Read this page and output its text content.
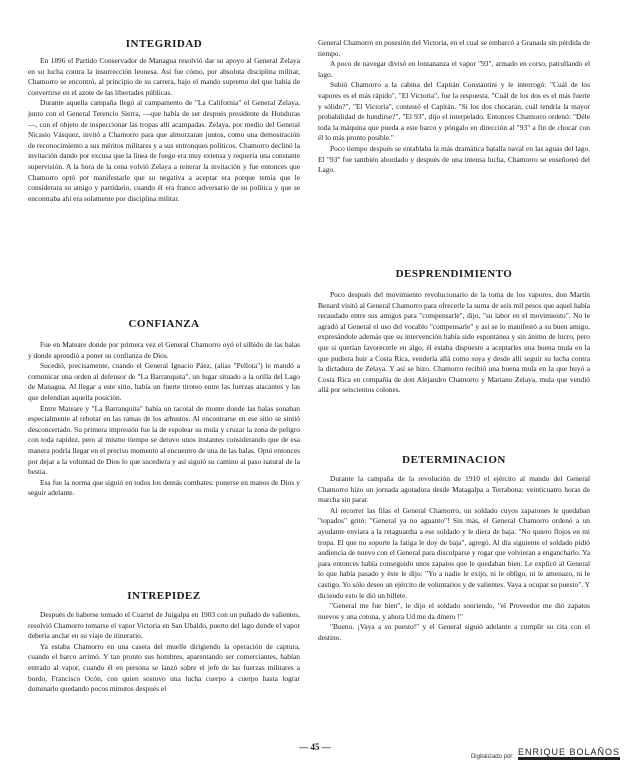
INTEGRIDAD

En 1896 el Partido Conservador de Managua resolvió dar su apoyo al General Zelaya en su lucha contra la insurrección leonesa. Así fue cómo, por absoluta disciplina militar, Chamorro se encontró, al principio de su carrera, bajo el mando supremo del que había de convertirse en el azote de las libertades públicas.

Durante aquella campaña llegó al campamento de "La California" el General Zelaya, junto con el General Terencio Sierra, —que había de ser después presidente de Honduras—, con el objeto de inspeccionar las tropas allí acampadas. Zelaya, por medio del General Nicasio Vásquez, invitó a Chamorro para que almorzaran juntos, como una demostración de reconocimiento a sus méritos militares y a sus entronques políticos. Chamorro declinó la invitación dando por excusa que la línea de fuego era muy extensa y requería una constante supervisión. A la hora de la cena volvió Zelaya a reiterar la invitación y fue entonces que Chamorro optó por manifestarle que su negativa a aceptar era porque temía que le considerara su amigo y partidario, cuando él era franco adversario de su política y que se encontraba ahí era solamente por disciplina militar.

CONFIANZA

Fue en Mateare donde por primera vez el General Chamorro oyó el silbido de las balas y donde aprendió a poner su confianza de Dios.

Sucedió, precisamente, cuando el General Ignacio Páez, (alias "Pellota") le mandó a comunicar una orden al defensor de "La Barranquita", un lugar situado a la orilla del Lago de Managua. Al llegar a este sitio, había un fuerte tiroteo entre las fuerzas atacantes y las que defendían aquella posición.

Entre Mateare y "La Barranquita" había un tacotal de monte donde las balas sonaban especialmente al rebotar en las ramas de los arbustos. Al encontrarse en ese sitio se sintió desconcertado. Su primera impresión fue la de espolear su mula y cruzar la zona de peligro con toda rapidez, pero al mismo tiempo se detuvo unos instantes considerando que de esa manera podría llegar en el preciso momento al encuentro de una de las balas. Optó entonces por dejar a la voluntad de Dios lo que sucediera y así siguió su camino al paso natural de la bestia.

Esa fue la norma que siguió en todos los demás combates: ponerse en manos de Dios y seguir adelante.

INTREPIDEZ

Después de haberse tomado el Cuartel de Juigalpa en 1903 con un puñado de valientes, resolvió Chamorro tomarse el vapor Victoria en San Ubaldo, puerto del lago donde el vapor debería anclar en su viaje de itinerario.

Ya estaba Chamorro en una caseta del muelle dirigiendo la operación de captura, cuando el barco arrimó. Y tan pronto sus hombres, aparentando ser comerciantes, habían entrado al vapor, cuando él en persona se lanzó sobre el jefe de las fuerzas militares a bordo, Francisco Ocón, con quien sostuvo una lucha cuerpo a cuerpo hasta lograr dominarlo quedando pocos minutos después el

General Chamorro en posesión del Victoria, en el cual se embarcó a Granada sin pérdida de tiempo.

A poco de navegar divisó en lontananza el vapor "93", armado en corso, patrullando el lago.

Subió Chamorro a la cabina del Capitán Constantini y le interrogó: "Cuál de los vapores es el más rápido", "El Victoria", fue la respuesta. "Cuál de los dos es el más fuerte y sólido?", "El Victoria", contestó el Capitán. "Si los dos chocaran, cuál tendría la mayor probabilidad de hundirse?", "El 93", dijo el interpelado. Entonces Chamorro ordenó: "Déle toda la máquina que pueda a este barco y póngalo en dirección al "93" a fin de chocar con él lo más pronto posible."

Poco tiempo después se entablaba la más dramática batalla naval en las aguas del lago. El "93" fue también abordado y después de una intensa lucha, Chamorro se enseñoreó del Lago.

DESPRENDIMIENTO

Poco después del movimiento revolucionario de la toma de los vapores, don Martín Benard visitó al General Chamorro para ofrecerle la suma de seis mil pesos que aquel había recaudado entre sus amigos para "compensarle", dijo, "su labor en el movimiento". No le agradó al General el uso del vocablo "compensarle" y así se lo manifestó a su buen amigo, expresándole además que su intervención había sido espontánea y sin ánimo de lucro, pero que si querían favorecerle en algo, él estaba dispuesto a aceptarles una buena mula en la que pudiera huir a Costa Rica, vendería allá como suya y desde allí seguir su lucha contra la dictadura de Zelaya. Y así se hizo. Chamorro recibió una buena mula en la que huyó a Costa Rica en compañía de don Alejandro Chamorro y Mariano Zelaya, mula que vendió allá por seiscientos colones.

DETERMINACION

Durante la campaña de la revolución de 1910 el ejército al mando del General Chamorro hizo un jornada agotadora desde Matagalpa a Terrabona: veinticuatro horas de marcha sin parar.

Al recorrer las filas el General Chamorro, un soldado cuyos zapatones le quedaban "topados" gritó: "General ya no aguanto"! Sin más, el General Chamorro ordenó a un ayudante enviara a la retaguardia a ese soldado y le diera de baja. "No quiero flojos en mi tropa. El que no soporte la fatiga le doy de baja", agregó. Al día siguiente el soldado pidió audiencia de nuevo con el General para disculparse y rogar que volvieran a engancharlo. Ya para entonces había conseguido unos zapatos que le quedaban bien. Le explicó al General lo que había pasado y éste le dijo: "Yo a nadie le exijo, ni le obligo, ni le amenazo, ni le castigo. Yo sólo deseo un ejército de voluntarios y de valientes. Vaya a ocupar su puesto". Y diciendo esto le dió un billete.

"General me fue bien", le dijo el soldado sonriendo, "el Proveedor me dió zapatos nuevos y una cotona, y ahora Ud me da dinero !"

"Bueno. ¡Vaya a su puesto!" y el General siguió adelante a cumplir su cita con el destino.

— 45 —
Digitalizado por: ENRIQUE BOLAÑOS
